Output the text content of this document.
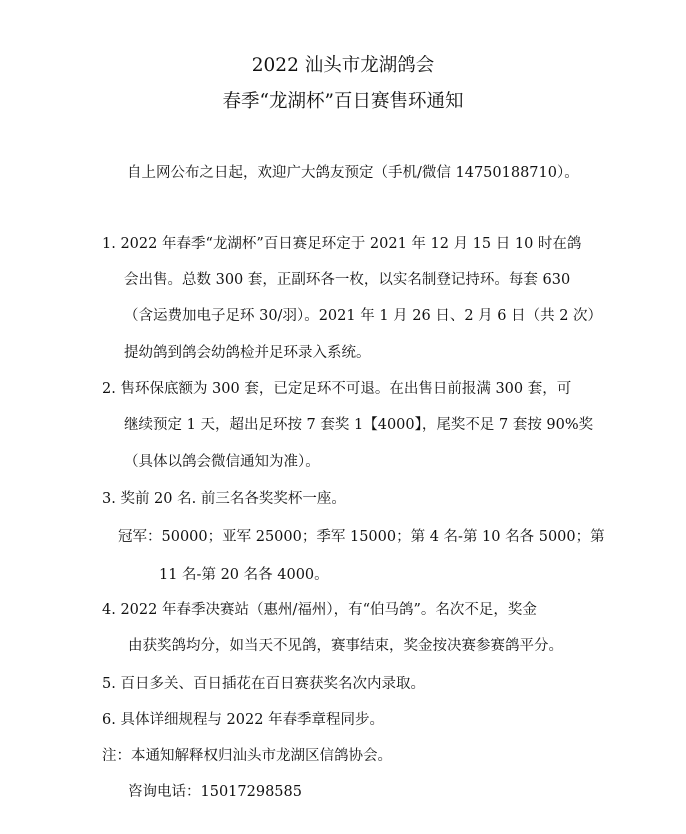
2022 汕头市龙湖鸽会
春季“龙湖杯”百日赛售环通知
自上网公布之日起，欢迎广大鸽友预定（手机/微信 14750188710）。
1. 2022 年春季“龙湖杯”百日赛足环定于 2021 年 12 月 15 日 10 时在鸽
会出售。总数 300 套，正副环各一枚，以实名制登记持环。每套 630
（含运费加电子足环 30/羽）。2021 年 1 月 26 日、2 月 6 日（共 2 次）
提幼鸽到鸽会幼鸽检并足环录入系统。
2. 售环保底额为 300 套，已定足环不可退。在出售日前报满 300 套，可
继续预定 1 天，超出足环按 7 套奖 1【4000】，尾奖不足 7 套按 90%奖
（具体以鸽会微信通知为准）。
3. 奖前 20 名. 前三名各奖奖杯一座。
冠军：50000；亚军 25000；季军 15000；第 4 名-第 10 名各 5000；第
11 名-第 20 名各 4000。
4. 2022 年春季决赛站（惠州/福州），有“伯马鸽”。名次不足，奖金
由获奖鸽均分，如当天不见鸽，赛事结束，奖金按决赛参赛鸽平分。
5. 百日多关、百日插花在百日赛获奖名次内录取。
6. 具体详细规程与 2022 年春季章程同步。
注：本通知解释权归汕头市龙湖区信鸽协会。
咨询电话：15017298585
